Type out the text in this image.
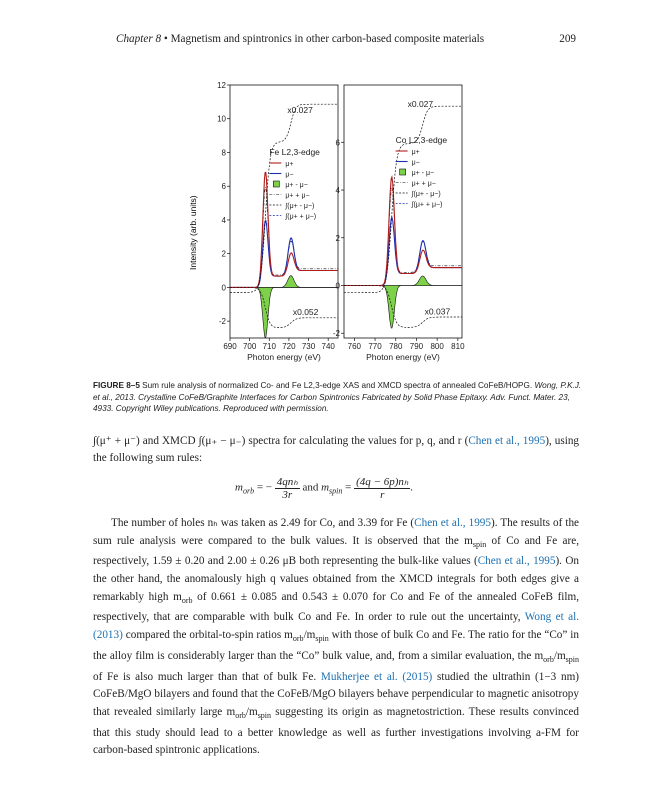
Chapter 8 • Magnetism and spintronics in other carbon-based composite materials	209
690 700 710 720 730 740
12
10
8
6
4
2
0
-2
Photon energy (eV)
x0.027
x0.052
Fe L2,3-edge
μ+
μ−
μ+ - μ−
μ+ + μ−
∫(μ+ - μ−)
∫(μ+ + μ−)
760 770 780 790 800 810
6
4
2
0
-2
Photon energy (eV)
x0.027
x0.037
Co L2,3-edge
μ+
μ−
μ+ - μ−
μ+ + μ−
∫(μ+ - μ−)
∫(μ+ + μ−)
Intensity (arb. units)
FIGURE 8–5 Sum rule analysis of normalized Co- and Fe L2,3-edge XAS and XMCD spectra of annealed CoFeB/HOPG. Wong, P.K.J. et al., 2013. Crystalline CoFeB/Graphite Interfaces for Carbon Spintronics Fabricated by Solid Phase Epitaxy. Adv. Funct. Mater. 23, 4933. Copyright Wiley publications. Reproduced with permission.
∫(μ⁺ + μ⁻) and XMCD ∫(μ₊ − μ₋) spectra for calculating the values for p, q, and r (Chen et al., 1995), using the following sum rules:
$m_{orb}$ = − $\frac{\text{4qnₕ}}{3r}$ and $m_{spin} = \frac{\text{(4q − 6p)nₕ}}{r}$ .
The number of holes nₕ was taken as 2.49 for Co, and 3.39 for Fe (Chen et al., 1995). The results of the sum rule analysis were compared to the bulk values. It is observed that the $m_{spin}$ of Co and Fe are, respectively, 1.59 ± 0.20 and 2.00 ± 0.26 μB both representing the bulk-like values (Chen et al., 1995). On the other hand, the anomalously high q values obtained from the XMCD integrals for both edges give a remarkably high $m_{orb}$ of 0.661 ± 0.085 and 0.543 ± 0.070 for Co and Fe of the annealed CoFeB film, respectively, that are comparable with bulk Co and Fe. In order to rule out the uncertainty, Wong et al. (2013) compared the orbital-to-spin ratios $m_{orb}/m_{spin}$ with those of bulk Co and Fe. The ratio for the “Co” in the alloy film is considerably larger than the “Co” bulk value, and, from a similar evaluation, the $m_{orb}/m_{spin}$ of Fe is also much larger than that of bulk Fe. Mukherjee et al. (2015) studied the ultrathin (1−3 nm) CoFeB/MgO bilayers and found that the CoFeB/MgO bilayers behave perpendicular to magnetic anisotropy that revealed similarly large $m_{orb}/m_{spin}$ suggesting its origin as magnetostriction. These results convinced that this study should lead to a better knowledge as well as further investigations involving a-FM for carbon-based spintronic applications.
